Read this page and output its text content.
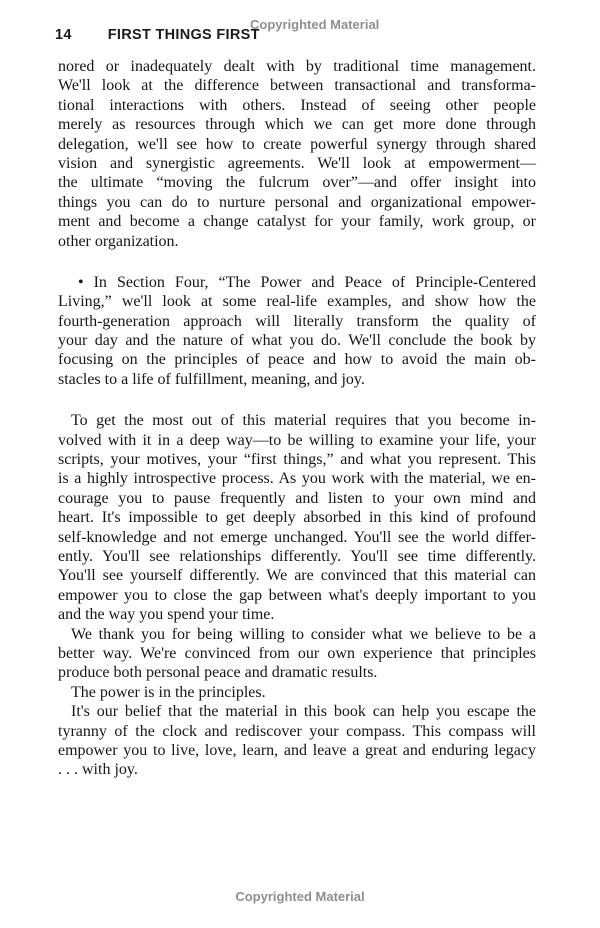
Copyrighted Material
14 FIRST THINGS FIRST
nored or inadequately dealt with by traditional time management.
We'll look at the difference between transactional and transforma-
tional interactions with others. Instead of seeing other people
merely as resources through which we can get more done through
delegation, we'll see how to create powerful synergy through shared
vision and synergistic agreements. We'll look at empowerment—
the ultimate “moving the fulcrum over”—and offer insight into
things you can do to nurture personal and organizational empower-
ment and become a change catalyst for your family, work group, or
other organization.
• In Section Four, “The Power and Peace of Principle-Centered
Living,” we'll look at some real-life examples, and show how the
fourth-generation approach will literally transform the quality of
your day and the nature of what you do. We'll conclude the book by
focusing on the principles of peace and how to avoid the main ob-
stacles to a life of fulfillment, meaning, and joy.
To get the most out of this material requires that you become in-
volved with it in a deep way—to be willing to examine your life, your
scripts, your motives, your “first things,” and what you represent. This
is a highly introspective process. As you work with the material, we en-
courage you to pause frequently and listen to your own mind and
heart. It's impossible to get deeply absorbed in this kind of profound
self-knowledge and not emerge unchanged. You'll see the world differ-
ently. You'll see relationships differently. You'll see time differently.
You'll see yourself differently. We are convinced that this material can
empower you to close the gap between what's deeply important to you
and the way you spend your time.
We thank you for being willing to consider what we believe to be a
better way. We're convinced from our own experience that principles
produce both personal peace and dramatic results.
The power is in the principles.
It's our belief that the material in this book can help you escape the
tyranny of the clock and rediscover your compass. This compass will
empower you to live, love, learn, and leave a great and enduring legacy
. . . with joy.
Copyrighted Material
